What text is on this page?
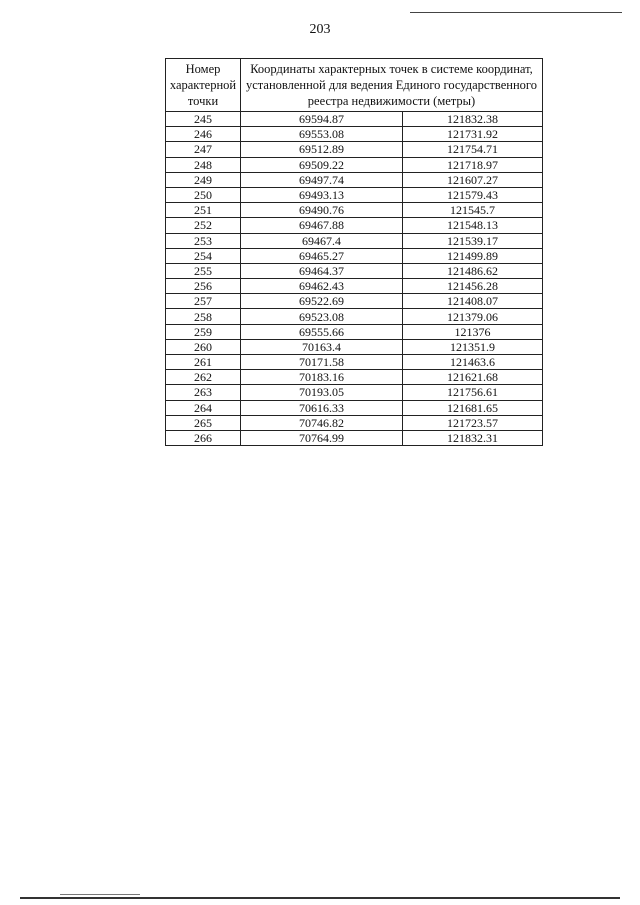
203
Номер характерной точки	Координаты характерных точек в системе координат, установленной для ведения Единого государственного реестра недвижимости (метры)	
245	69594.87	121832.38
246	69553.08	121731.92
247	69512.89	121754.71
248	69509.22	121718.97
249	69497.74	121607.27
250	69493.13	121579.43
251	69490.76	121545.7
252	69467.88	121548.13
253	69467.4	121539.17
254	69465.27	121499.89
255	69464.37	121486.62
256	69462.43	121456.28
257	69522.69	121408.07
258	69523.08	121379.06
259	69555.66	121376
260	70163.4	121351.9
261	70171.58	121463.6
262	70183.16	121621.68
263	70193.05	121756.61
264	70616.33	121681.65
265	70746.82	121723.57
266	70764.99	121832.31
